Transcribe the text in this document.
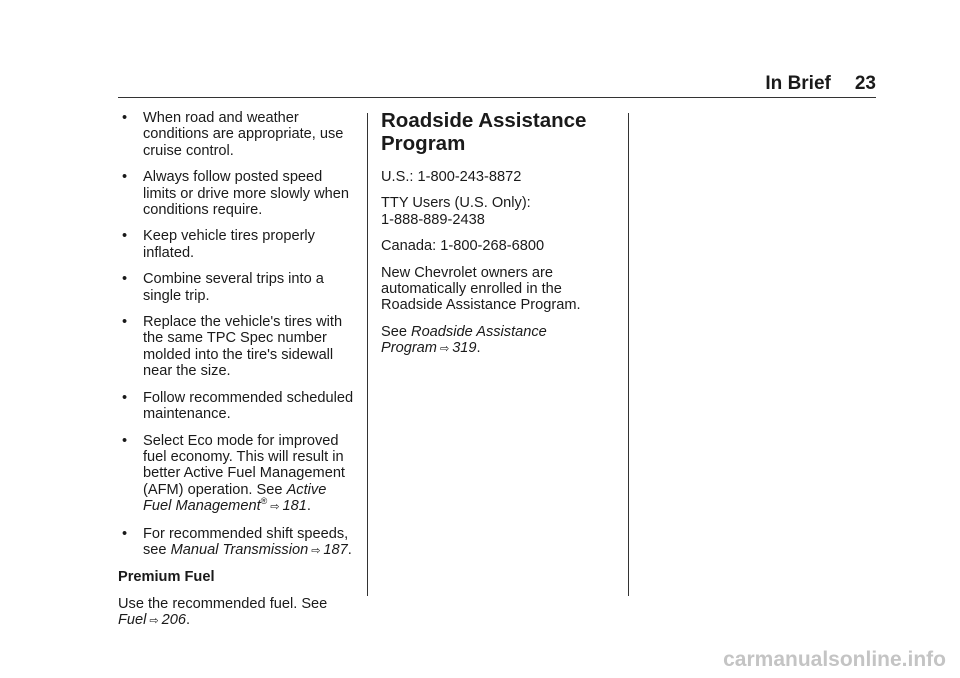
In Brief 23
• When road and weather conditions are appropriate, use cruise control.
• Always follow posted speed limits or drive more slowly when conditions require.
• Keep vehicle tires properly inflated.
• Combine several trips into a single trip.
• Replace the vehicle's tires with the same TPC Spec number molded into the tire's sidewall near the size.
• Follow recommended scheduled maintenance.
• Select Eco mode for improved fuel economy. This will result in better Active Fuel Management (AFM) operation. See Active Fuel Management® ⇨ 181.
• For recommended shift speeds, see Manual Transmission ⇨ 187.
Premium Fuel

Use the recommended fuel. See
Fuel ⇨ 206.

Roadside Assistance Program

U.S.: 1-800-243-8872

TTY Users (U.S. Only):
1-888-889-2438

Canada: 1-800-268-6800

New Chevrolet owners are automatically enrolled in the Roadside Assistance Program.

See Roadside Assistance Program ⇨ 319.

carmanualsonline.info
